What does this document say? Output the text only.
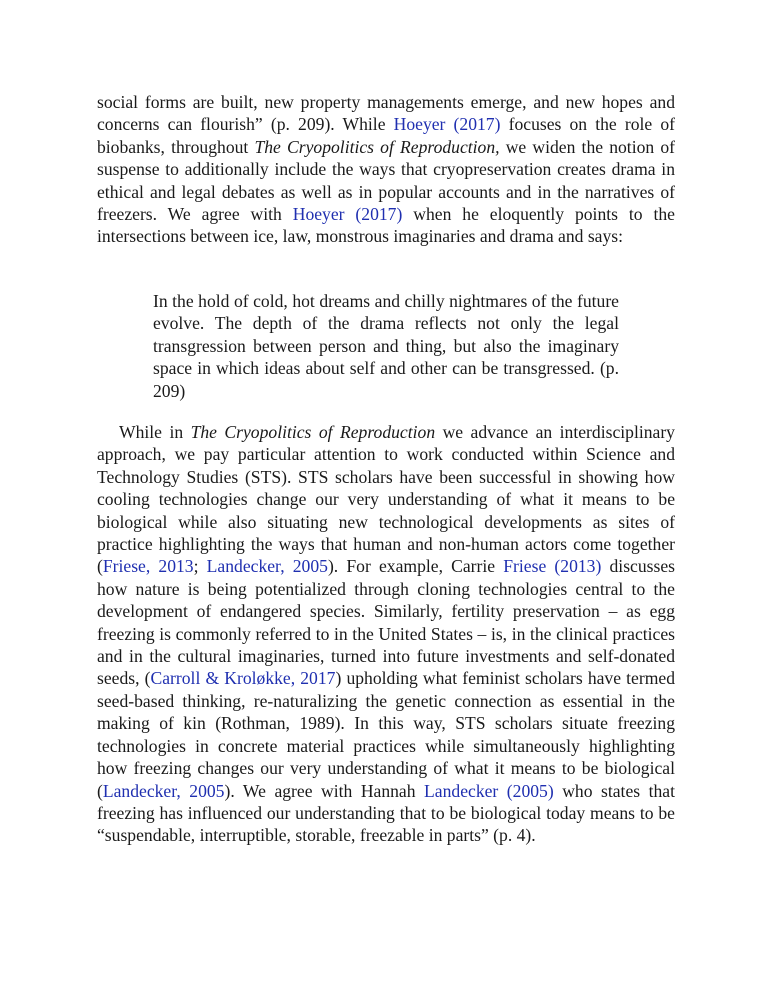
social forms are built, new property managements emerge, and new hopes and concerns can flourish” (p. 209). While Hoeyer (2017) focuses on the role of biobanks, throughout The Cryopolitics of Reproduction, we widen the notion of suspense to additionally include the ways that cryopreservation creates drama in ethical and legal debates as well as in popular accounts and in the narratives of freezers. We agree with Hoeyer (2017) when he eloquently points to the intersections between ice, law, monstrous imaginaries and drama and says:

In the hold of cold, hot dreams and chilly nightmares of the future evolve. The depth of the drama reflects not only the legal transgression between person and thing, but also the imaginary space in which ideas about self and other can be transgressed. (p. 209)

While in The Cryopolitics of Reproduction we advance an interdisciplinary approach, we pay particular attention to work conducted within Science and Technology Studies (STS). STS scholars have been successful in showing how cooling technologies change our very understanding of what it means to be biological while also situating new technological developments as sites of practice highlighting the ways that human and non-human actors come together (Friese, 2013; Landecker, 2005). For example, Carrie Friese (2013) discusses how nature is being potentialized through cloning technologies central to the development of endangered species. Similarly, fertility preservation – as egg freezing is commonly referred to in the United States – is, in the clinical practices and in the cultural imaginaries, turned into future investments and self-donated seeds, (Carroll & Kroløkke, 2017) upholding what feminist scholars have termed seed-based thinking, re-naturalizing the genetic connection as essential in the making of kin (Rothman, 1989). In this way, STS scholars situate freezing technologies in concrete material practices while simultaneously highlighting how freezing changes our very understanding of what it means to be biological (Landecker, 2005). We agree with Hannah Landecker (2005) who states that freezing has influenced our understanding that to be biological today means to be “suspendable, interruptible, storable, freezable in parts” (p. 4).
